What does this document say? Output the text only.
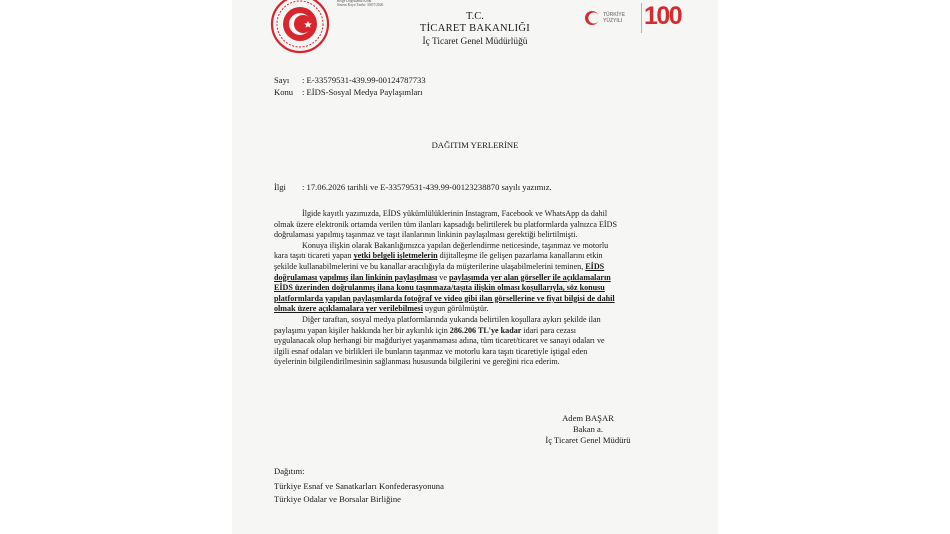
Belge Doğrulama Kodu
Sistem Kayıt Tarihi: 30/07/2026
T.C.
TİCARET BAKANLIĞI
İç Ticaret Genel Müdürlüğü
TÜRKİYE
YÜZYILI 100
Sayı : E-33579531-439.99-00124787733
Konu : EİDS-Sosyal Medya Paylaşımları
DAĞITIM YERLERİNE
İlgi : 17.06.2026 tarihli ve E-33579531-439.99-00123238870 sayılı yazımız.
İlgide kayıtlı yazımızda, EİDS yükümlülüklerinin Instagram, Facebook ve WhatsApp da dahil
olmak üzere elektronik ortamda verilen tüm ilanları kapsadığı belirtilerek bu platformlarda yalnızca EİDS
doğrulaması yapılmış taşınmaz ve taşıt ilanlarının linkinin paylaşılması gerektiği belirtilmişti.
Konuya ilişkin olarak Bakanlığımızca yapılan değerlendirme neticesinde, taşınmaz ve motorlu
kara taşıtı ticareti yapan yetki belgeli işletmelerin dijitalleşme ile gelişen pazarlama kanallarını etkin
şekilde kullanabilmelerini ve bu kanallar aracılığıyla da müşterilerine ulaşabilmelerini teminen, EİDS
doğrulaması yapılmış ilan linkinin paylaşılması ve paylaşımda yer alan görseller ile açıklamaların
EİDS üzerinden doğrulanmış ilana konu taşınmaza/taşıta ilişkin olması koşullarıyla, söz konusu
platformlarda yapılan paylaşımlarda fotoğraf ve video gibi ilan görsellerine ve fiyat bilgisi de dahil
olmak üzere açıklamalara yer verilebilmesi uygun görülmüştür.
Diğer taraftan, sosyal medya platformlarında yukarıda belirtilen koşullara aykırı şekilde ilan
paylaşımı yapan kişiler hakkında her bir aykırılık için 286.206 TL'ye kadar idari para cezası
uygulanacak olup herhangi bir mağduriyet yaşanmaması adına, tüm ticaret/ticaret ve sanayi odaları ve
ilgili esnaf odaları ve birlikleri ile bunların taşınmaz ve motorlu kara taşıtı ticaretiyle iştigal eden
üyelerinin bilgilendirilmesinin sağlanması hususunda bilgilerini ve gereğini rica ederim.
Adem BAŞAR
Bakan a.
İç Ticaret Genel Müdürü
Dağıtım:
Türkiye Esnaf ve Sanatkarları Konfederasyonuna
Türkiye Odalar ve Borsalar Birliğine
